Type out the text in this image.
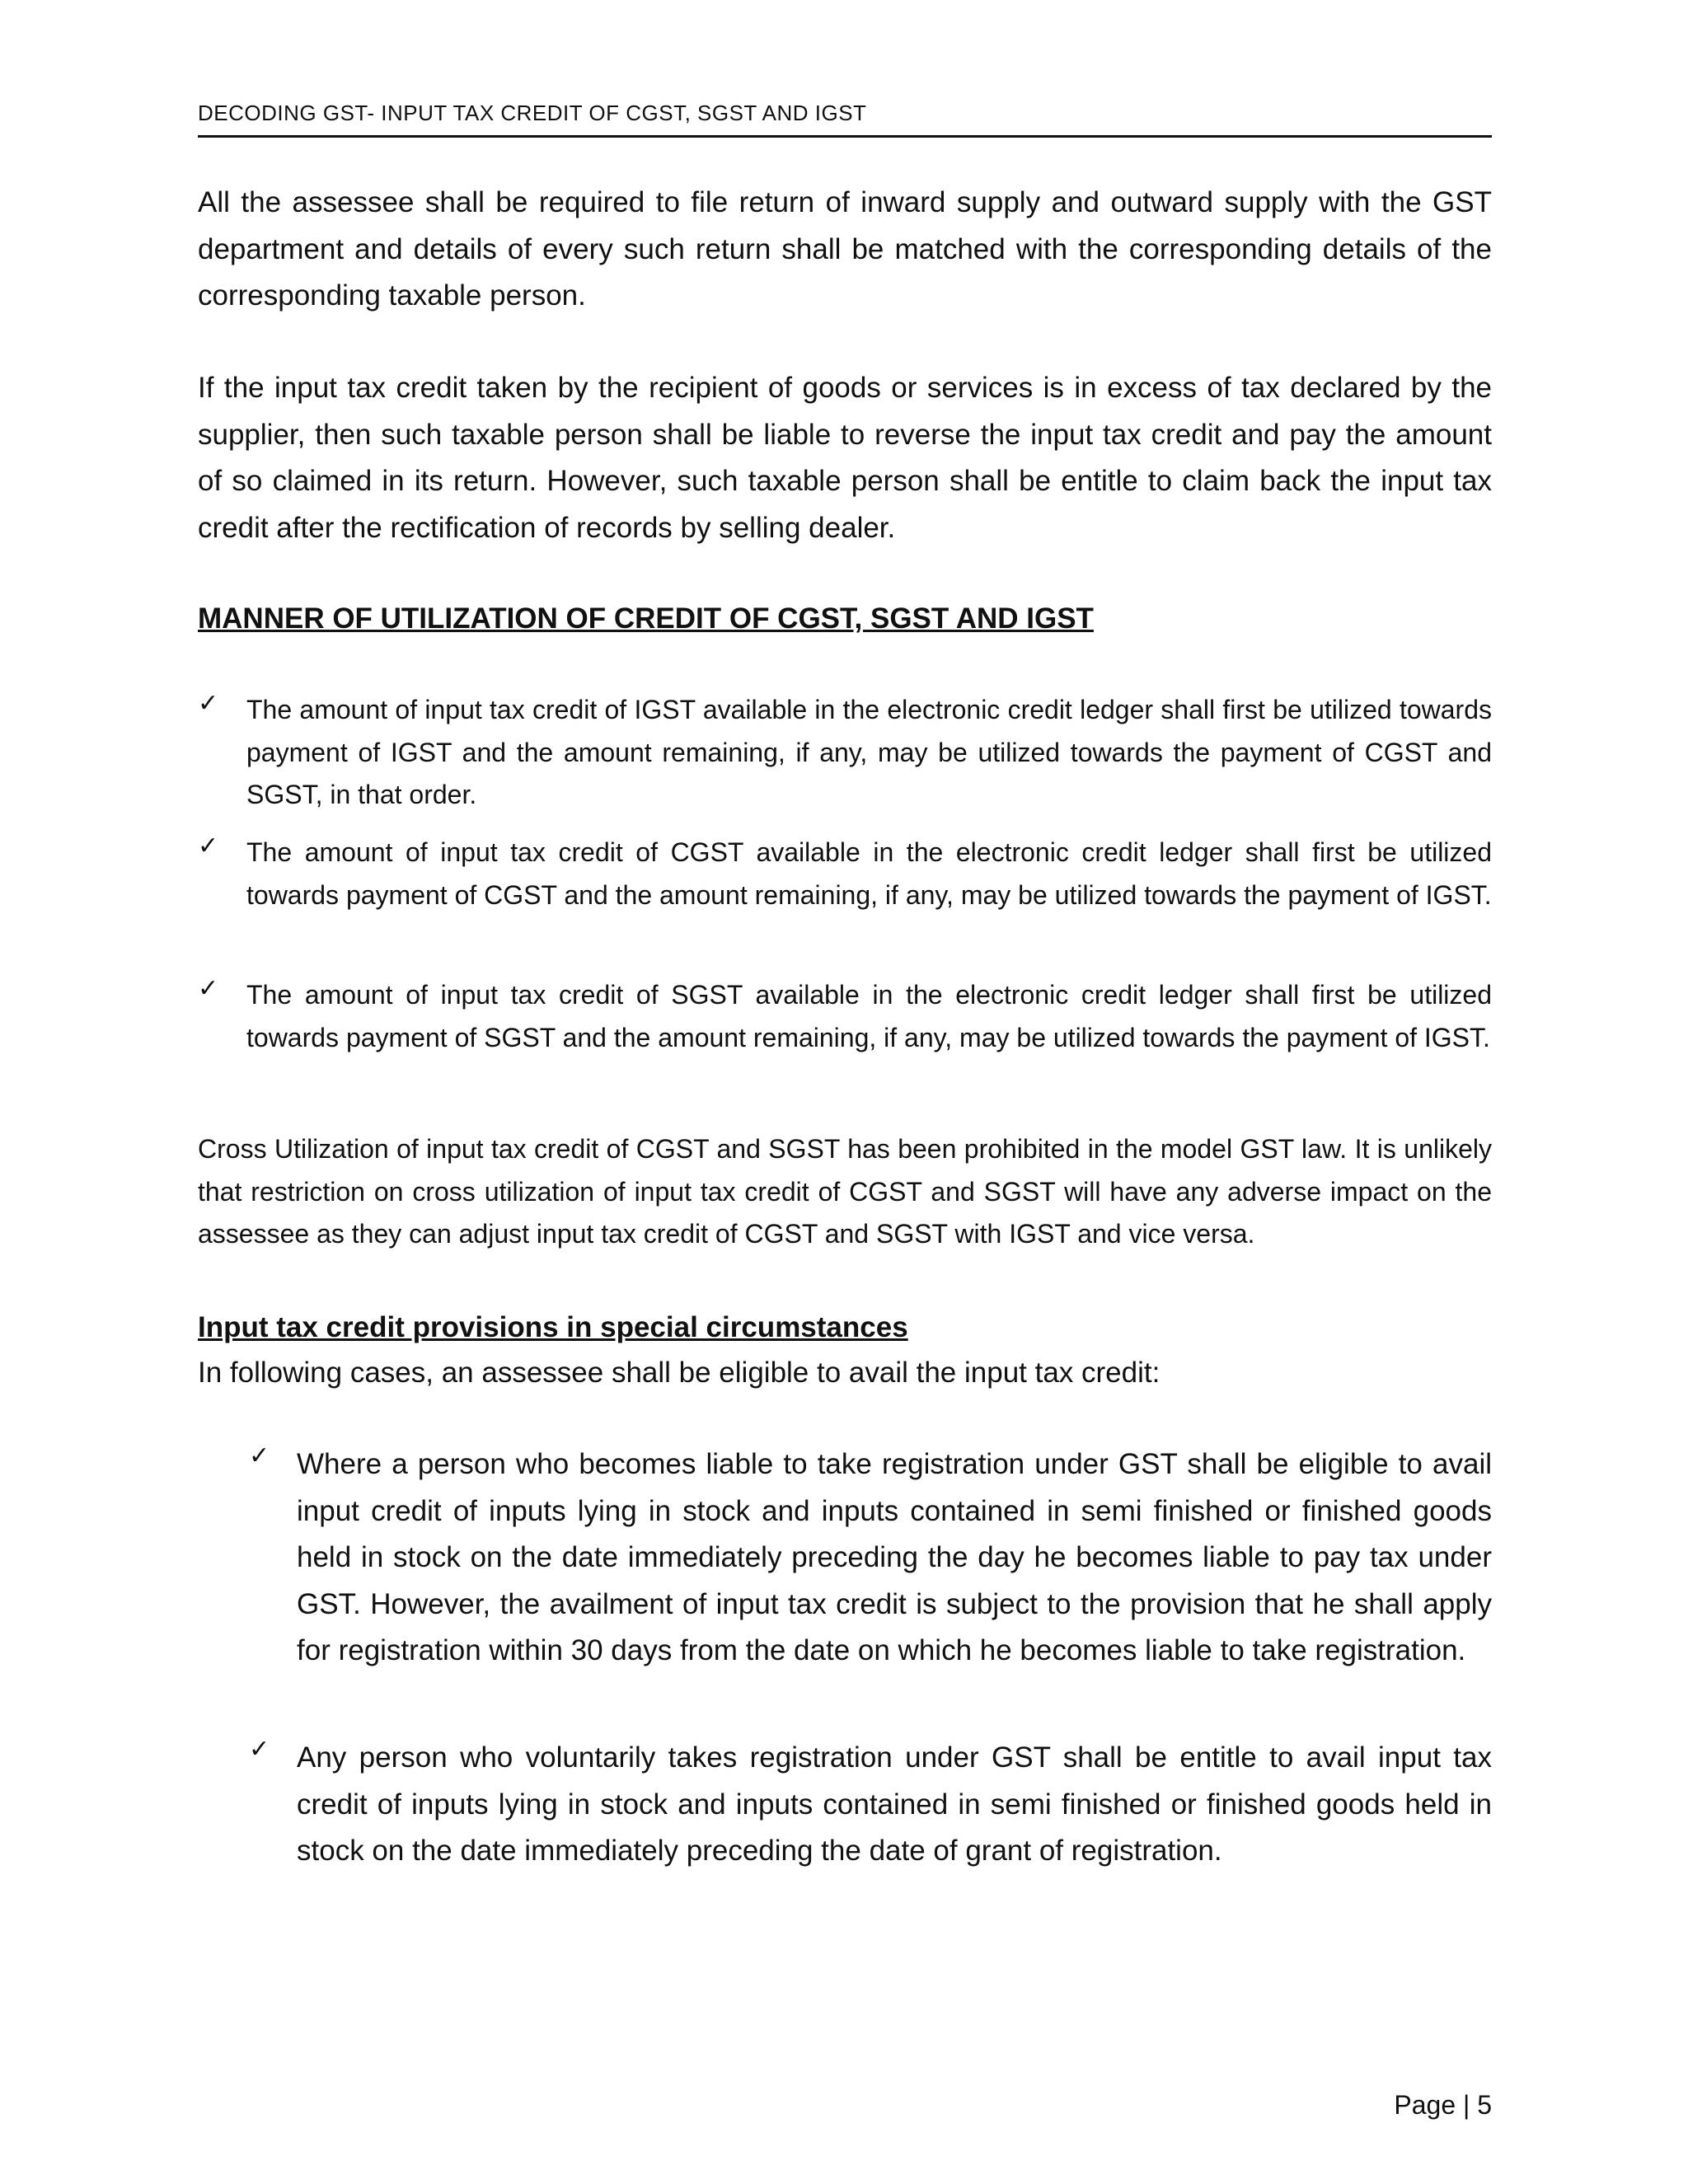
DECODING GST- INPUT TAX CREDIT OF CGST, SGST AND IGST
All the assessee shall be required to file return of inward supply and outward supply with the GST department and details of every such return shall be matched with the corresponding details of the corresponding taxable person.
If the input tax credit taken by the recipient of goods or services is in excess of tax declared by the supplier, then such taxable person shall be liable to reverse the input tax credit and pay the amount of so claimed in its return. However, such taxable person shall be entitle to claim back the input tax credit after the rectification of records by selling dealer.
MANNER OF UTILIZATION OF CREDIT OF CGST, SGST AND IGST
✓ The amount of input tax credit of IGST available in the electronic credit ledger shall first be utilized towards payment of IGST and the amount remaining, if any, may be utilized towards the payment of CGST and SGST, in that order.
✓ The amount of input tax credit of CGST available in the electronic credit ledger shall first be utilized towards payment of CGST and the amount remaining, if any, may be utilized towards the payment of IGST.
✓ The amount of input tax credit of SGST available in the electronic credit ledger shall first be utilized towards payment of SGST and the amount remaining, if any, may be utilized towards the payment of IGST.
Cross Utilization of input tax credit of CGST and SGST has been prohibited in the model GST law. It is unlikely that restriction on cross utilization of input tax credit of CGST and SGST will have any adverse impact on the assessee as they can adjust input tax credit of CGST and SGST with IGST and vice versa.
Input tax credit provisions in special circumstances
In following cases, an assessee shall be eligible to avail the input tax credit:
✓ Where a person who becomes liable to take registration under GST shall be eligible to avail input credit of inputs lying in stock and inputs contained in semi finished or finished goods held in stock on the date immediately preceding the day he becomes liable to pay tax under GST. However, the availment of input tax credit is subject to the provision that he shall apply for registration within 30 days from the date on which he becomes liable to take registration.
✓ Any person who voluntarily takes registration under GST shall be entitle to avail input tax credit of inputs lying in stock and inputs contained in semi finished or finished goods held in stock on the date immediately preceding the date of grant of registration.
Page | 5
